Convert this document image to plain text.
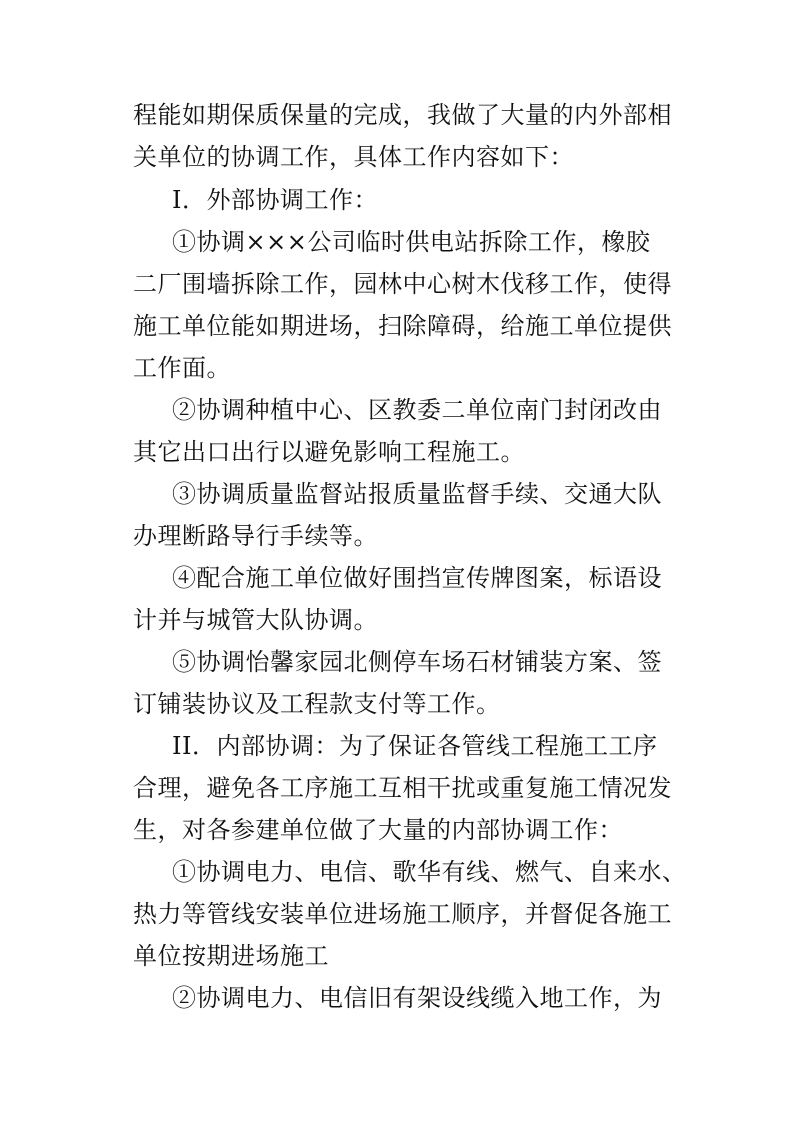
程能如期保质保量的完成，我做了大量的内外部相
关单位的协调工作，具体工作内容如下：
I．外部协调工作：
①协调×××公司临时供电站拆除工作，橡胶
二厂围墙拆除工作，园林中心树木伐移工作，使得
施工单位能如期进场，扫除障碍，给施工单位提供
工作面。
②协调种植中心、区教委二单位南门封闭改由
其它出口出行以避免影响工程施工。
③协调质量监督站报质量监督手续、交通大队
办理断路导行手续等。
④配合施工单位做好围挡宣传牌图案，标语设
计并与城管大队协调。
⑤协调怡馨家园北侧停车场石材铺装方案、签
订铺装协议及工程款支付等工作。
II．内部协调：为了保证各管线工程施工工序
合理，避免各工序施工互相干扰或重复施工情况发
生，对各参建单位做了大量的内部协调工作：
①协调电力、电信、歌华有线、燃气、自来水、
热力等管线安装单位进场施工顺序，并督促各施工
单位按期进场施工
②协调电力、电信旧有架设线缆入地工作，为
